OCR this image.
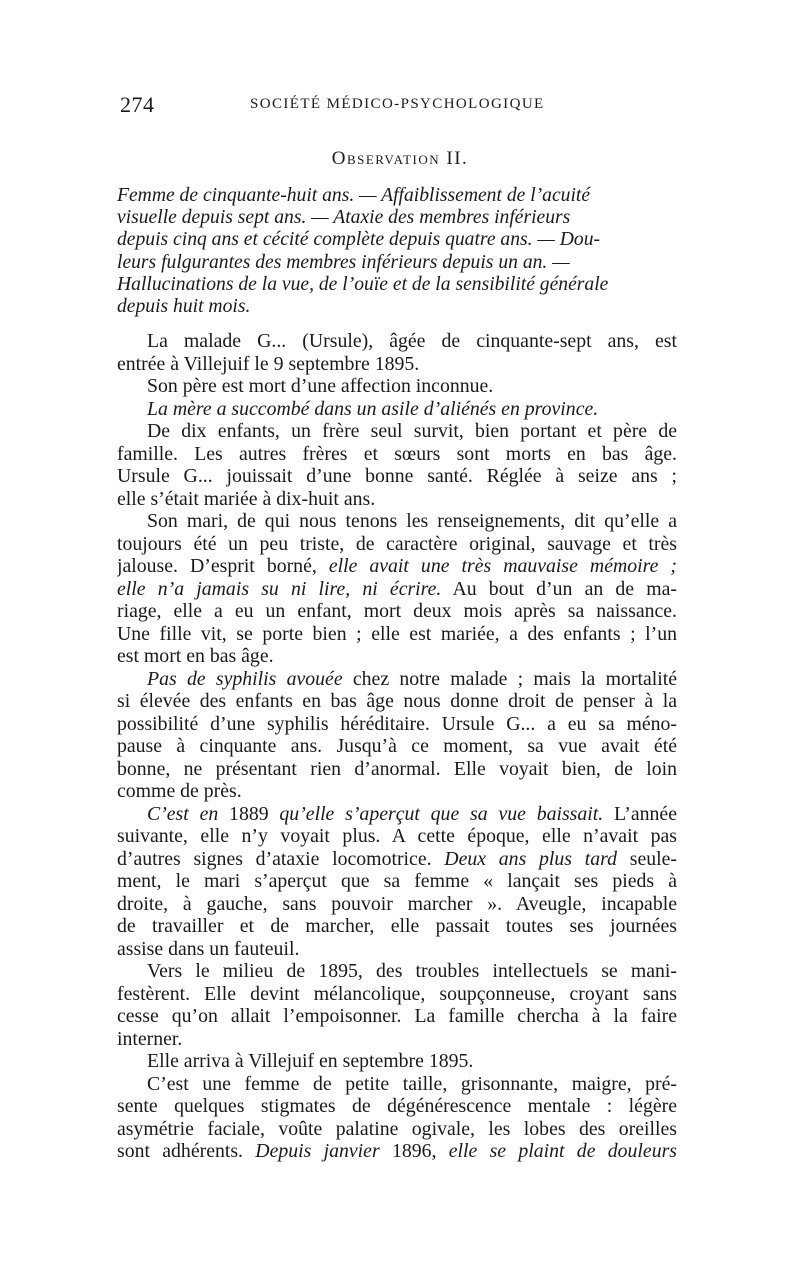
274	SOCIÉTÉ MÉDICO-PSYCHOLOGIQUE
Observation II.
Femme de cinquante-huit ans. — Affaiblissement de l’acuité
visuelle depuis sept ans. — Ataxie des membres inférieurs
depuis cinq ans et cécité complète depuis quatre ans. — Dou-
leurs fulgurantes des membres inférieurs depuis un an. —
Hallucinations de la vue, de l’ouïe et de la sensibilité générale
depuis huit mois.
La malade G... (Ursule), âgée de cinquante-sept ans, est
entrée à Villejuif le 9 septembre 1895.
Son père est mort d’une affection inconnue.
La mère a succombé dans un asile d’aliénés en province.
De dix enfants, un frère seul survit, bien portant et père de
famille. Les autres frères et sœurs sont morts en bas âge.
Ursule G... jouissait d’une bonne santé. Réglée à seize ans ;
elle s’était mariée à dix-huit ans.
Son mari, de qui nous tenons les renseignements, dit qu’elle a
toujours été un peu triste, de caractère original, sauvage et très
jalouse. D’esprit borné, elle avait une très mauvaise mémoire ;
elle n’a jamais su ni lire, ni écrire. Au bout d’un an de ma-
riage, elle a eu un enfant, mort deux mois après sa naissance.
Une fille vit, se porte bien ; elle est mariée, a des enfants ; l’un
est mort en bas âge.
Pas de syphilis avouée chez notre malade ; mais la mortalité
si élevée des enfants en bas âge nous donne droit de penser à la
possibilité d’une syphilis héréditaire. Ursule G... a eu sa méno-
pause à cinquante ans. Jusqu’à ce moment, sa vue avait été
bonne, ne présentant rien d’anormal. Elle voyait bien, de loin
comme de près.
C’est en 1889 qu’elle s’aperçut que sa vue baissait. L’année
suivante, elle n’y voyait plus. A cette époque, elle n’avait pas
d’autres signes d’ataxie locomotrice. Deux ans plus tard seule-
ment, le mari s’aperçut que sa femme « lançait ses pieds à
droite, à gauche, sans pouvoir marcher ». Aveugle, incapable
de travailler et de marcher, elle passait toutes ses journées
assise dans un fauteuil.
Vers le milieu de 1895, des troubles intellectuels se mani-
festèrent. Elle devint mélancolique, soupçonneuse, croyant sans
cesse qu’on allait l’empoisonner. La famille chercha à la faire
interner.
Elle arriva à Villejuif en septembre 1895.
C’est une femme de petite taille, grisonnante, maigre, pré-
sente quelques stigmates de dégénérescence mentale : légère
asymétrie faciale, voûte palatine ogivale, les lobes des oreilles
sont adhérents. Depuis janvier 1896, elle se plaint de douleurs
